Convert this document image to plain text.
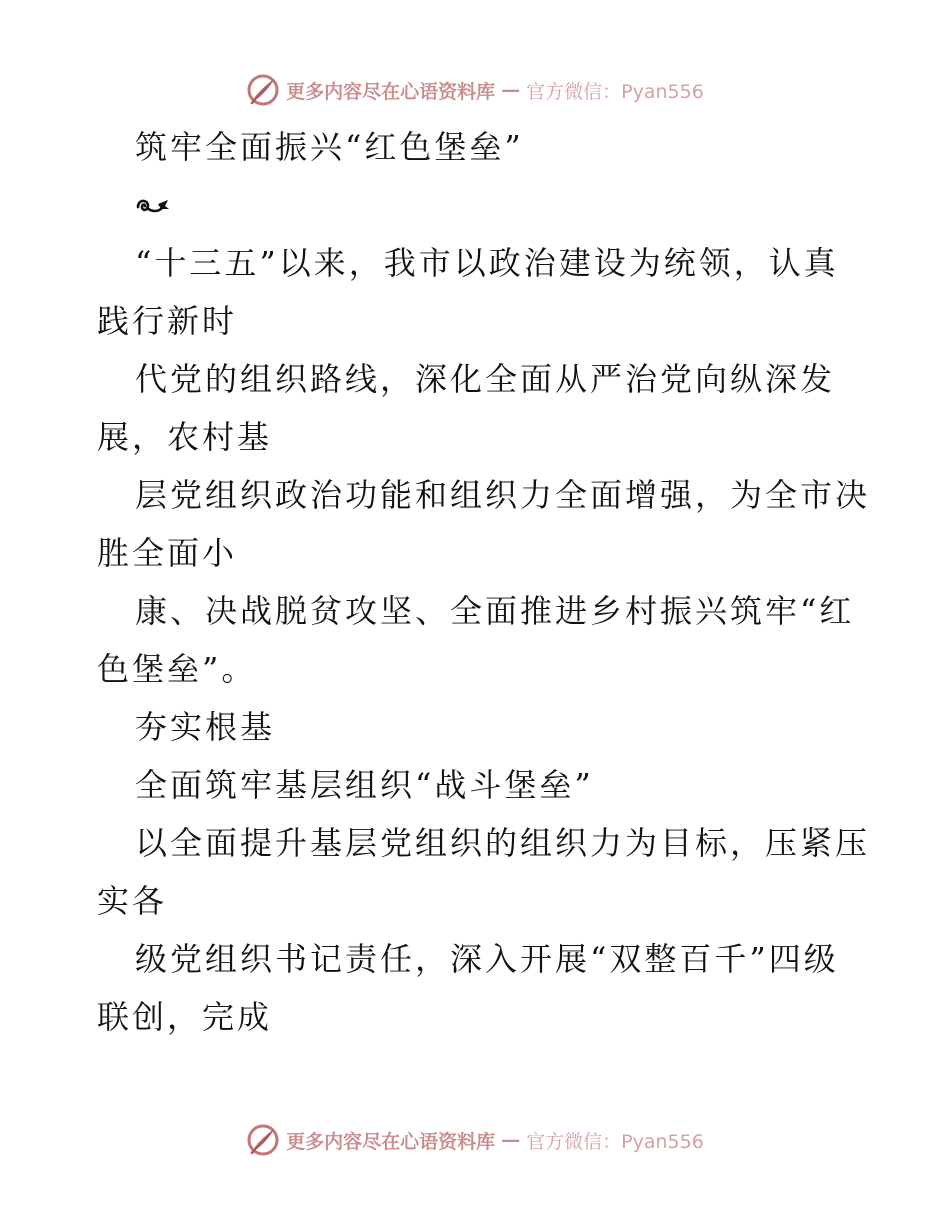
更多内容尽在心语资料库 — 官方微信：Pyan556
筑牢全面振兴“红色堡垒”
“十三五”以来，我市以政治建设为统领，认真
践行新时
代党的组织路线，深化全面从严治党向纵深发
展，农村基
层党组织政治功能和组织力全面增强，为全市决
胜全面小
康、决战脱贫攻坚、全面推进乡村振兴筑牢“红
色堡垒”。
夯实根基
全面筑牢基层组织“战斗堡垒”
以全面提升基层党组织的组织力为目标，压紧压
实各
级党组织书记责任，深入开展“双整百千”四级
联创，完成
更多内容尽在心语资料库 — 官方微信：Pyan556
